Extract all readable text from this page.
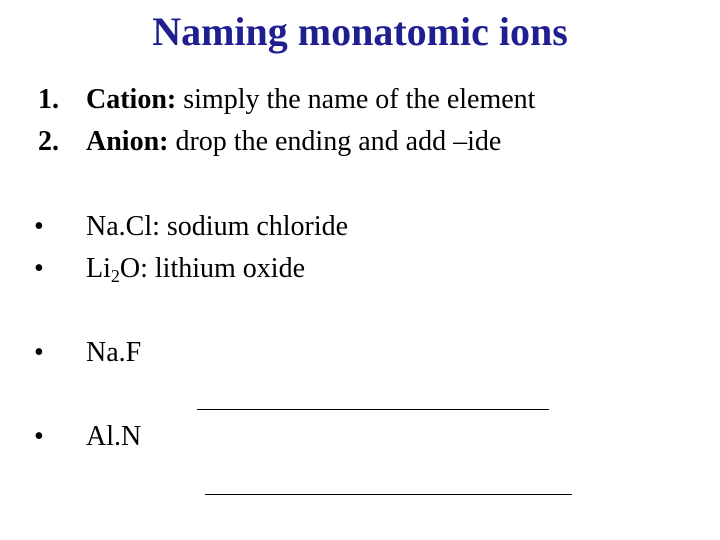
Naming monatomic ions
1. Cation: simply the name of the element
2. Anion: drop the ending and add –ide
• Na.Cl: sodium chloride
• $Li_2O$: lithium oxide
• Na.F
• Al.N
